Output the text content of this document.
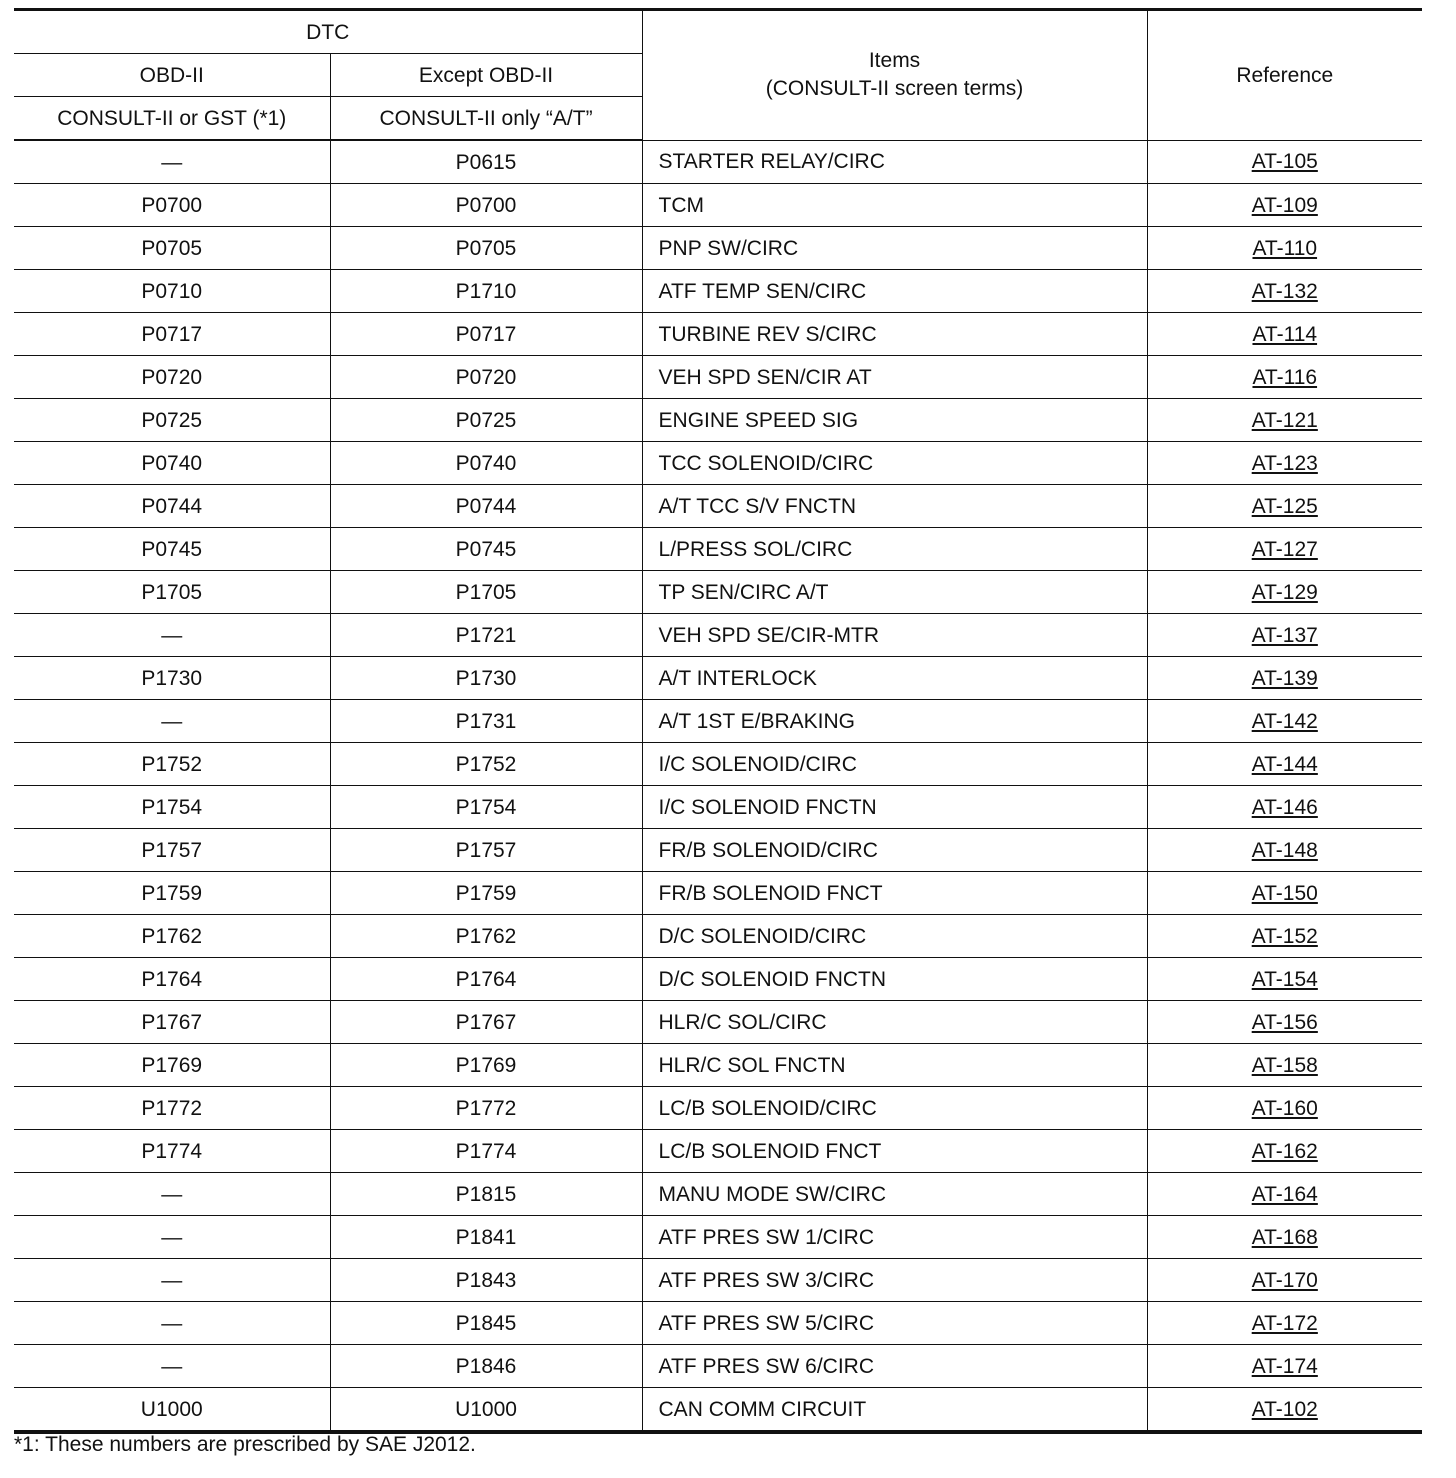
DTC		Items
(CONSULT-II screen terms)	Reference
OBD-II	Except OBD-II		
CONSULT-II or GST (*1)	CONSULT-II only “A/T”		
—	P0615	STARTER RELAY/CIRC	AT-105
P0700	P0700	TCM	AT-109
P0705	P0705	PNP SW/CIRC	AT-110
P0710	P1710	ATF TEMP SEN/CIRC	AT-132
P0717	P0717	TURBINE REV S/CIRC	AT-114
P0720	P0720	VEH SPD SEN/CIR AT	AT-116
P0725	P0725	ENGINE SPEED SIG	AT-121
P0740	P0740	TCC SOLENOID/CIRC	AT-123
P0744	P0744	A/T TCC S/V FNCTN	AT-125
P0745	P0745	L/PRESS SOL/CIRC	AT-127
P1705	P1705	TP SEN/CIRC A/T	AT-129
—	P1721	VEH SPD SE/CIR-MTR	AT-137
P1730	P1730	A/T INTERLOCK	AT-139
—	P1731	A/T 1ST E/BRAKING	AT-142
P1752	P1752	I/C SOLENOID/CIRC	AT-144
P1754	P1754	I/C SOLENOID FNCTN	AT-146
P1757	P1757	FR/B SOLENOID/CIRC	AT-148
P1759	P1759	FR/B SOLENOID FNCT	AT-150
P1762	P1762	D/C SOLENOID/CIRC	AT-152
P1764	P1764	D/C SOLENOID FNCTN	AT-154
P1767	P1767	HLR/C SOL/CIRC	AT-156
P1769	P1769	HLR/C SOL FNCTN	AT-158
P1772	P1772	LC/B SOLENOID/CIRC	AT-160
P1774	P1774	LC/B SOLENOID FNCT	AT-162
—	P1815	MANU MODE SW/CIRC	AT-164
—	P1841	ATF PRES SW 1/CIRC	AT-168
—	P1843	ATF PRES SW 3/CIRC	AT-170
—	P1845	ATF PRES SW 5/CIRC	AT-172
—	P1846	ATF PRES SW 6/CIRC	AT-174
U1000	U1000	CAN COMM CIRCUIT	AT-102
*1: These numbers are prescribed by SAE J2012.
